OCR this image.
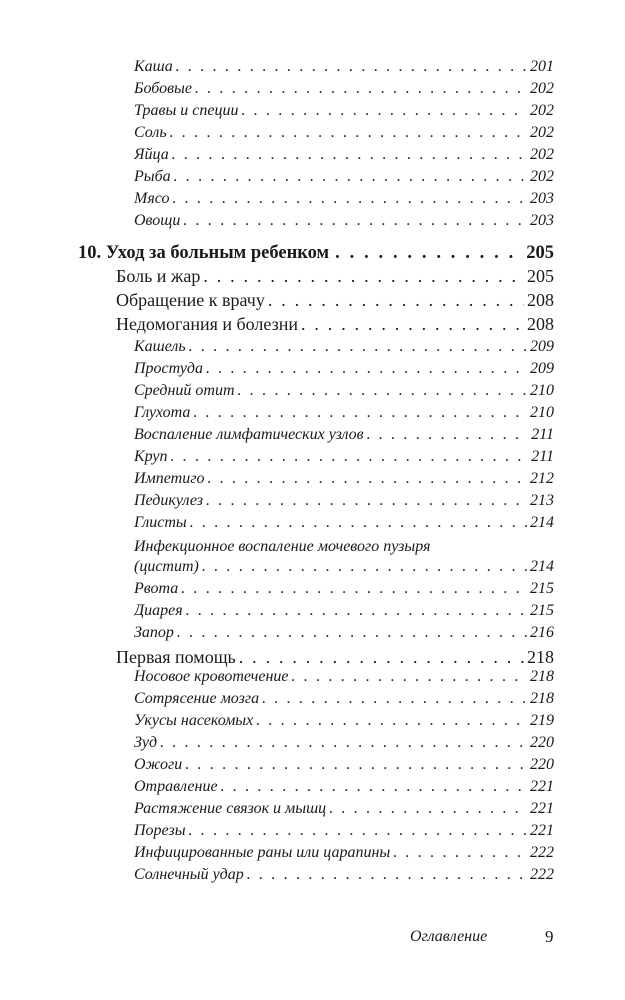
Каша . . .	201
Бобовые . . .	202
Травы и специи . . .	202
Соль . . .	202
Яйца . . .	202
Рыба . . .	202
Мясо . . .	203
Овощи . . .	203
10. Уход за больным ребенком . . .	205
Боль и жар . . .	205
Обращение к врачу . . .	208
Недомогания и болезни . . .	208
Кашель . . .	209
Простуда . . .	209
Средний отит . . .	210
Глухота . . .	210
Воспаление лимфатических узлов . . .	211
Круп . . .	211
Импетиго . . .	212
Педикулез . . .	213
Глисты . . .	214
Инфекционное воспаление мочевого пузыря
(цистит) . . .	214
Рвота . . .	215
Диарея . . .	215
Запор . . .	216
Первая помощь . . .	218
Носовое кровотечение . . .	218
Сотрясение мозга . . .	218
Укусы насекомых . . .	219
Зуд . . .	220
Ожоги . . .	220
Отравление . . .	221
Растяжение связок и мышц . . .	221
Порезы . . .	221
Инфицированные раны или царапины . . .	222
Солнечный удар . . .	222
Оглавление	9
